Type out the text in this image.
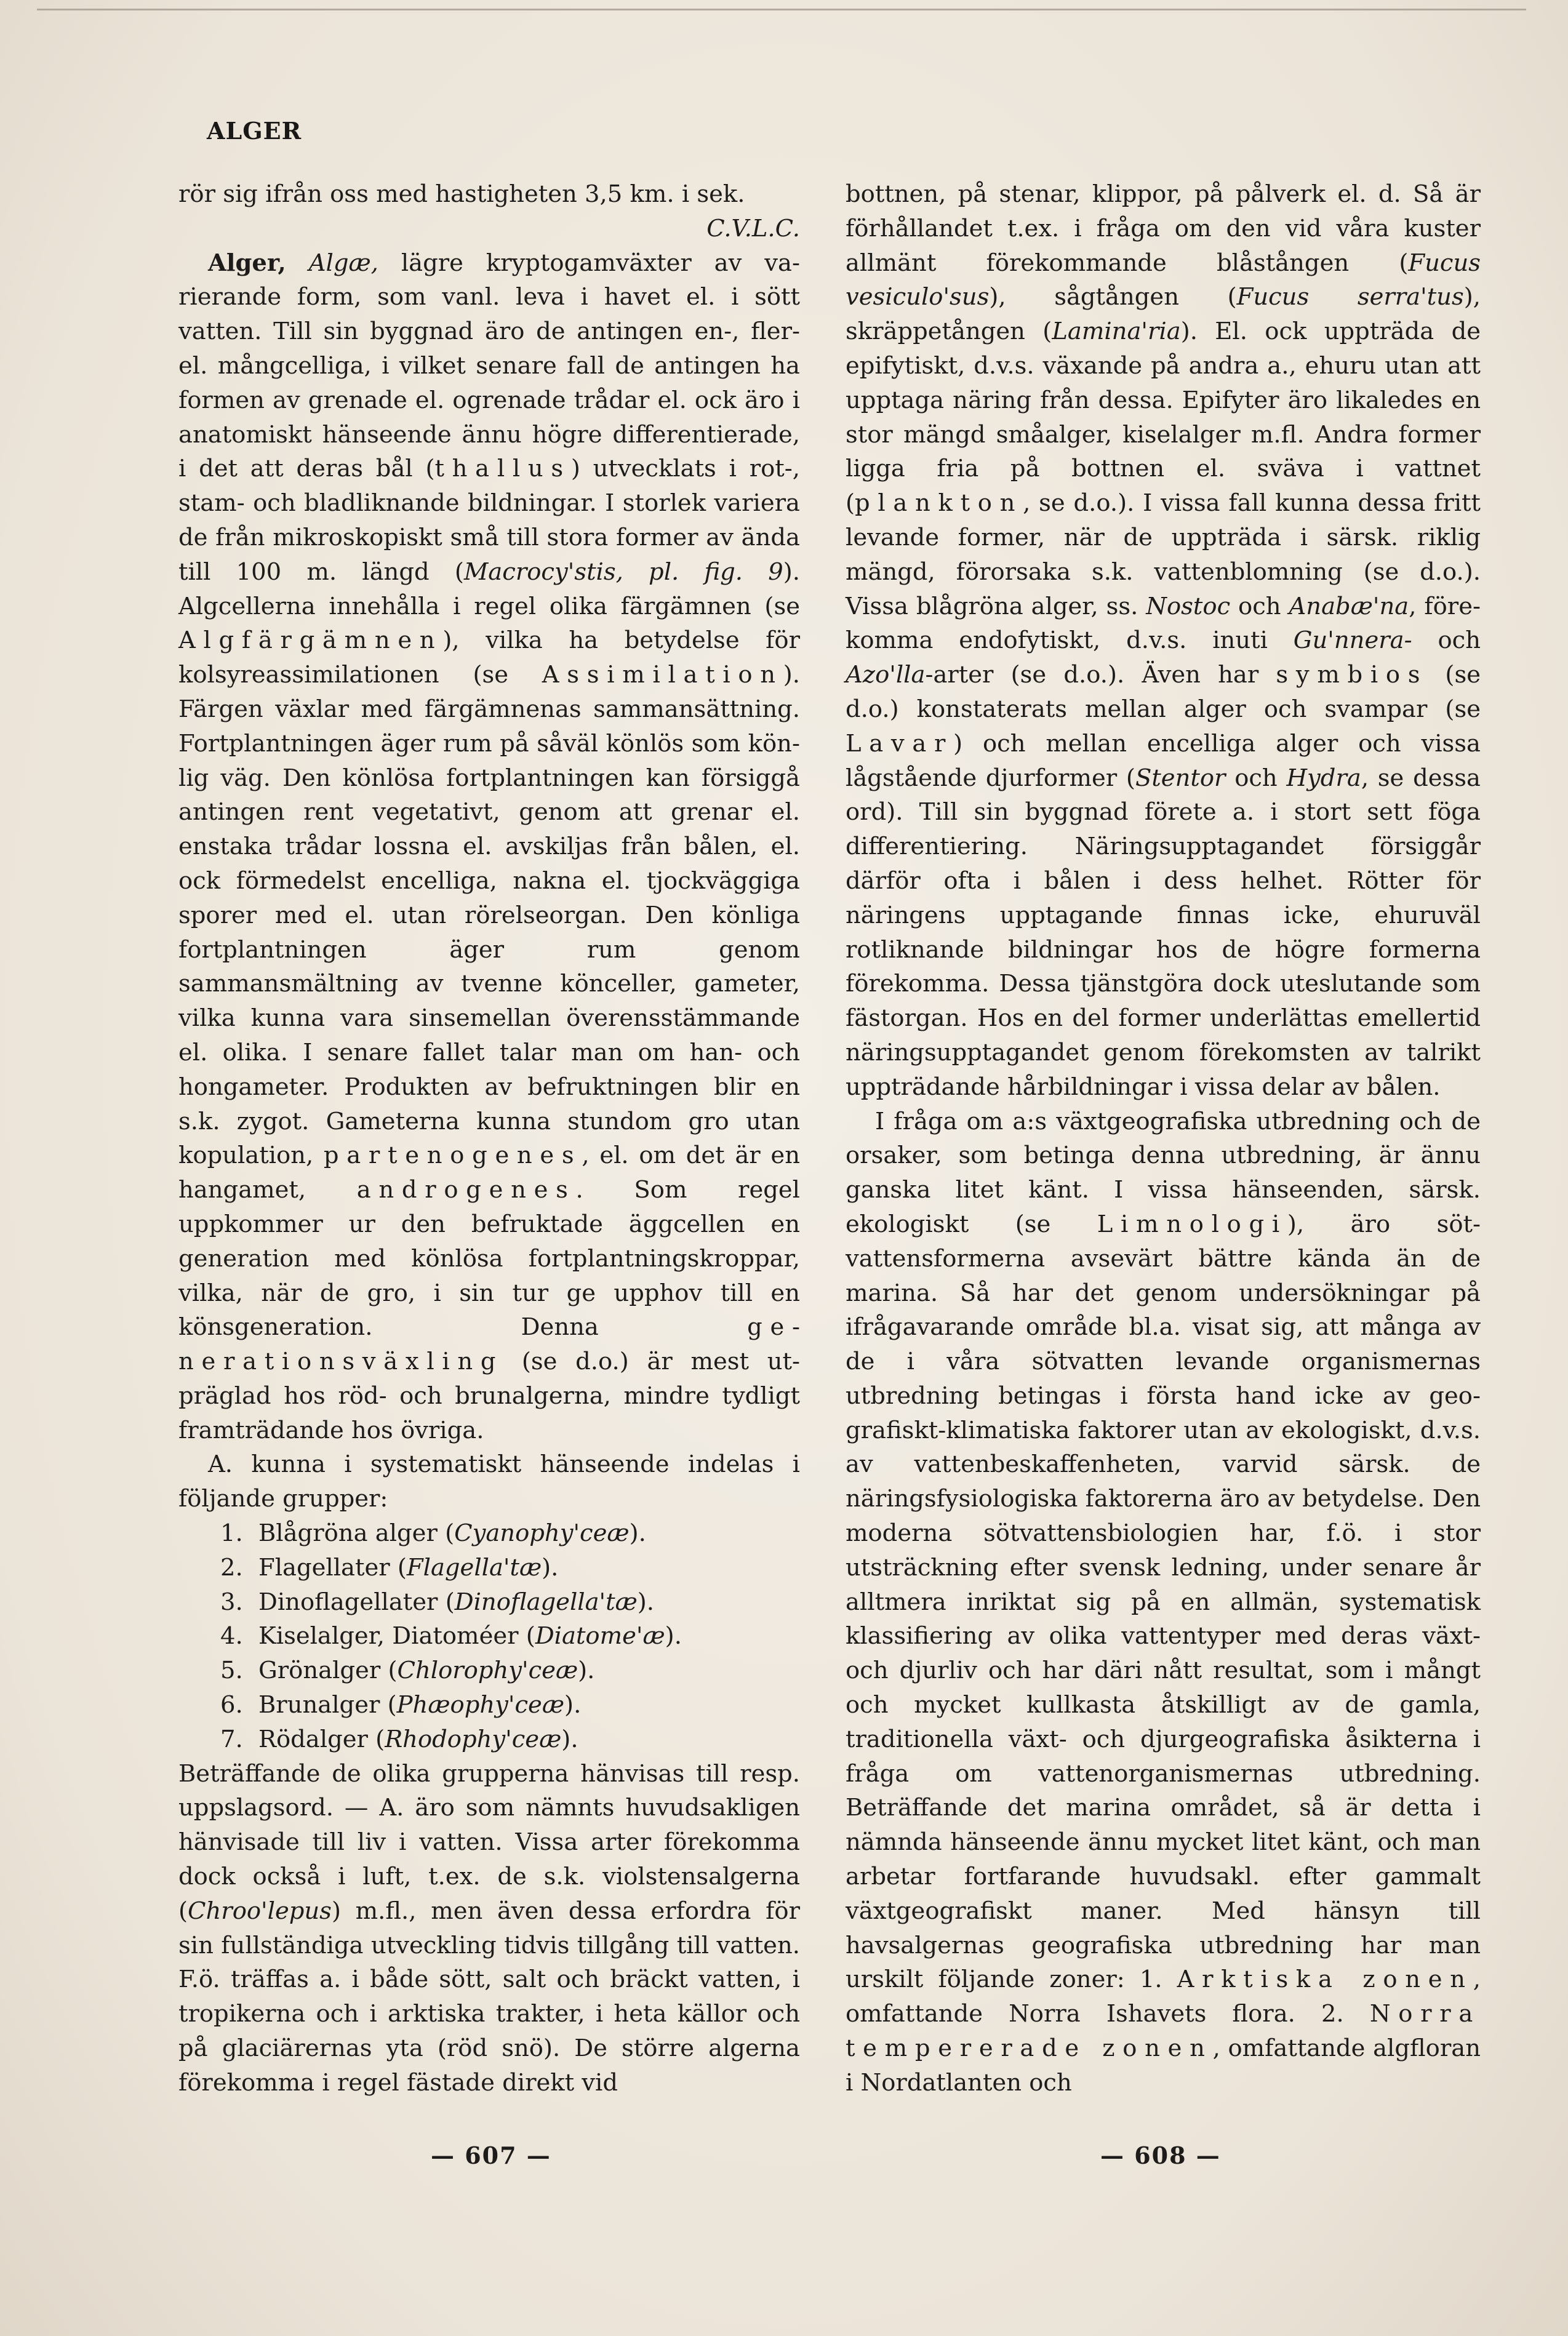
ALGER

rör sig ifrån oss med hastigheten 3,5 km. i sek.

C.V.L.C.

Alger, Algæ, lägre kryptogamväxter av varierande form, som vanl. leva i havet el. i sött vatten. Till sin byggnad äro de antingen en-, fler- el. mångcelliga, i vilket senare fall de antingen ha formen av grenade el. ogrenade trådar el. ock äro i anatomiskt hänseende ännu högre differentierade, i det att deras bål (thallus) utvecklats i rot-, stam- och bladliknande bildningar. I storlek variera de från mikroskopiskt små till stora former av ända till 100 m. längd (Macrocy'stis, pl. fig. 9). Algcellerna innehålla i regel olika färgämnen (se Algfärgämnen), vilka ha betydelse för kolsyreassimilationen (se Assimilation). Färgen växlar med färgämnenas sammansättning. Fortplantningen äger rum på såväl könlös som könlig väg. Den könlösa fortplantningen kan försiggå antingen rent vegetativt, genom att grenar el. enstaka trådar lossna el. avskiljas från bålen, el. ock förmedelst encelliga, nakna el. tjockväggiga sporer med el. utan rörelseorgan. Den könliga fortplantningen äger rum genom sammansmältning av tvenne könceller, gameter, vilka kunna vara sinsemellan överensstämmande el. olika. I senare fallet talar man om han- och hongameter. Produkten av befruktningen blir en s.k. zygot. Gameterna kunna stundom gro utan kopulation, partenogenes, el. om det är en hangamet, androgenes. Som regel uppkommer ur den befruktade äggcellen en generation med könlösa fortplantningskroppar, vilka, när de gro, i sin tur ge upphov till en könsgeneration. Denna generationsväxling (se d.o.) är mest utpräglad hos röd- och brunalgerna, mindre tydligt framträdande hos övriga.

A. kunna i systematiskt hänseende indelas i följande grupper:

1. Blågröna alger (Cyanophy'ceæ).

2. Flagellater (Flagella'tæ).

3. Dinoflagellater (Dinoflagella'tæ).

4. Kiselalger, Diatoméer (Diatome'æ).

5. Grönalger (Chlorophy'ceæ).

6. Brunalger (Phæophy'ceæ).

7. Rödalger (Rhodophy'ceæ).

Beträffande de olika grupperna hänvisas till resp. uppslagsord. — A. äro som nämnts huvudsakligen hänvisade till liv i vatten. Vissa arter förekomma dock också i luft, t.ex. de s.k. violstensalgerna (Chroo'lepus) m.fl., men även dessa erfordra för sin fullständiga utveckling tidvis tillgång till vatten. F.ö. träffas a. i både sött, salt och bräckt vatten, i tropikerna och i arktiska trakter, i heta källor och på glaciärernas yta (röd snö). De större algerna förekomma i regel fästade direkt vid

bottnen, på stenar, klippor, på pålverk el. d. Så är förhållandet t.ex. i fråga om den vid våra kuster allmänt förekommande blåstången (Fucus vesiculo'sus), sågtången (Fucus serra'tus), skräppetången (Lamina'ria). El. ock uppträda de epifytiskt, d.v.s. växande på andra a., ehuru utan att upptaga näring från dessa. Epifyter äro likaledes en stor mängd småalger, kiselalger m.fl. Andra former ligga fria på bottnen el. sväva i vattnet (plankton, se d.o.). I vissa fall kunna dessa fritt levande former, när de uppträda i särsk. riklig mängd, förorsaka s.k. vattenblomning (se d.o.). Vissa blågröna alger, ss. Nostoc och Anabæ'na, förekomma endofytiskt, d.v.s. inuti Gu'nnera- och Azo'lla-arter (se d.o.). Även har symbios (se d.o.) konstaterats mellan alger och svampar (se Lavar) och mellan encelliga alger och vissa lågstående djurformer (Stentor och Hydra, se dessa ord). Till sin byggnad förete a. i stort sett föga differentiering. Näringsupptagandet försiggår därför ofta i bålen i dess helhet. Rötter för näringens upptagande finnas icke, ehuruväl rotliknande bildningar hos de högre formerna förekomma. Dessa tjänstgöra dock uteslutande som fästorgan. Hos en del former underlättas emellertid näringsupptagandet genom förekomsten av talrikt uppträdande hårbildningar i vissa delar av bålen.

I fråga om a:s växtgeografiska utbredning och de orsaker, som betinga denna utbredning, är ännu ganska litet känt. I vissa hänseenden, särsk. ekologiskt (se Limnologi), äro sötvattensformerna avsevärt bättre kända än de marina. Så har det genom undersökningar på ifrågavarande område bl.a. visat sig, att många av de i våra sötvatten levande organismernas utbredning betingas i första hand icke av geografiskt-klimatiska faktorer utan av ekologiskt, d.v.s. av vattenbeskaffenheten, varvid särsk. de näringsfysiologiska faktorerna äro av betydelse. Den moderna sötvattensbiologien har, f.ö. i stor utsträckning efter svensk ledning, under senare år alltmera inriktat sig på en allmän, systematisk klassifiering av olika vattentyper med deras växt- och djurliv och har däri nått resultat, som i mångt och mycket kullkasta åtskilligt av de gamla, traditionella växt- och djurgeografiska åsikterna i fråga om vattenorganismernas utbredning. Beträffande det marina området, så är detta i nämnda hänseende ännu mycket litet känt, och man arbetar fortfarande huvudsakl. efter gammalt växtgeografiskt maner. Med hänsyn till havsalgernas geografiska utbredning har man urskilt följande zoner: 1. Arktiska zonen, omfattande Norra Ishavets flora. 2. Norra tempererade zonen, omfattande algfloran i Nordatlanten och

— 607 —	— 608 —
